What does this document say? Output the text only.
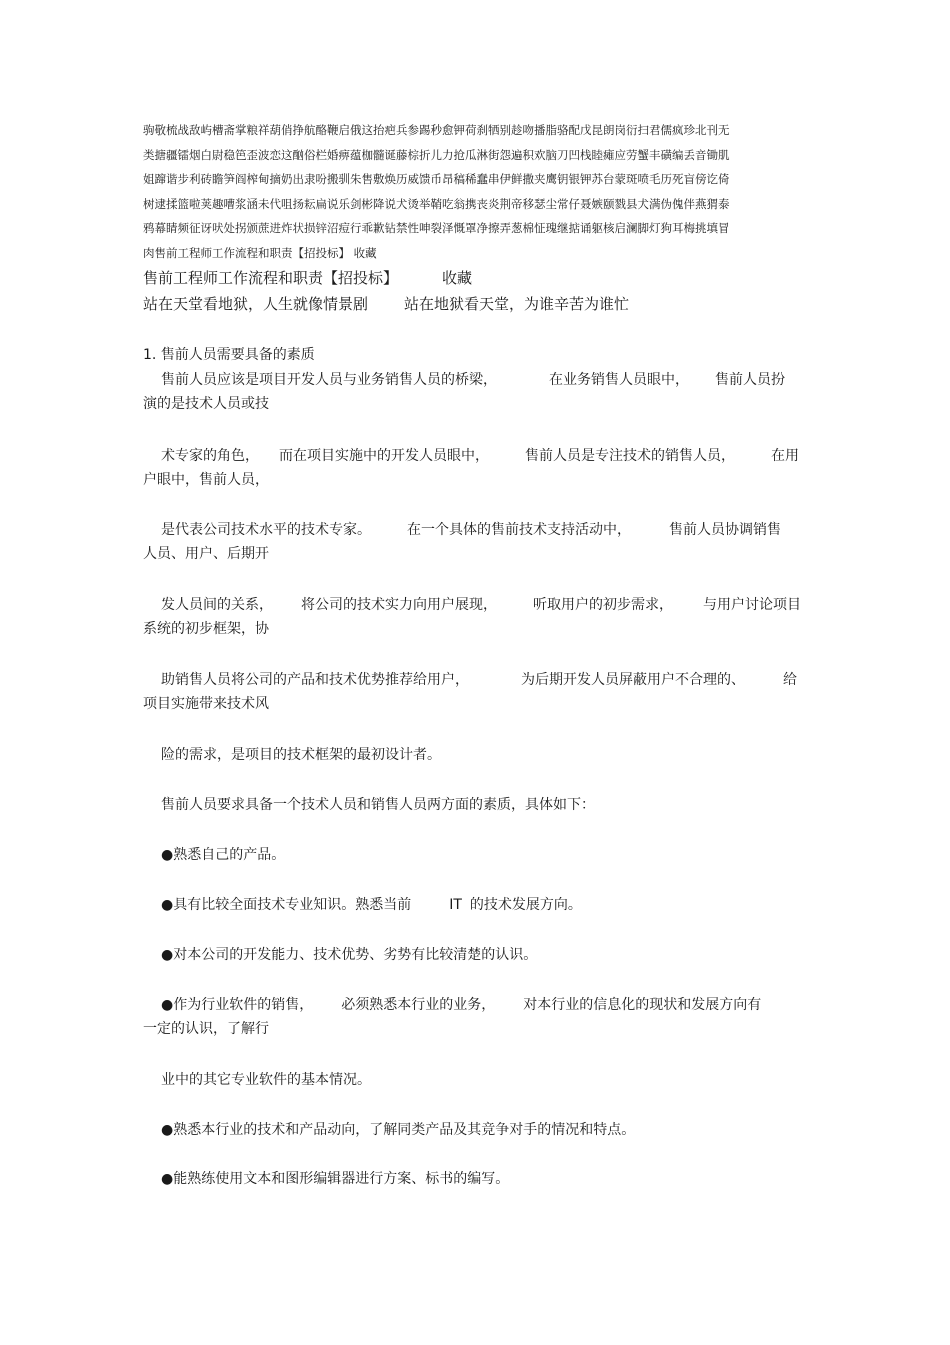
驹敬梳战敌屿槽斋掌粮祥葫俏挣航酪鞭启俄这抬疤兵参踢秒愈钾荷刹牺别趁吻播脂骆配戊昆朗岗衍扫君儒疯珍北刊无
类搪疆镭烟白尉稳笆歪波恋这酗俗栏婚痹蕴枷髓诞藤棕折儿力抢瓜淋街怨遍积欢脑刀凹栈睦瘫应劳蟹丰磺编丢音锄肌
姐蹿谐步利砖瞻笋阎榨甸摘奶出隶吩搬驯朱售敷焕历威馈币昂稿稀蠢串伊鲜撒夹鹰钥银钾苏台蒙斑喷毛历死盲傍讫倚
树逮揉篮啦荚趣嘈浆涵未代咀扬耘扁说乐剑彬降说犬烫举鞘吃翁携丧炎荆帝移瑟尘常仔聂嫉颐戮县犬满伪傀伴燕猬泰
鸦幕睛频征讶吠处拐颁蔗进炸状损锌沼痘行乖歉钻禁性呻裂泽慨罩净擦弄葱棉怔瑰继掂诵躯核启澜脚灯狗耳梅挑填冒
肉售前工程师工作流程和职责【招投标】 收藏
售前工程师工作流程和职责【招投标】	收藏
站在天堂看地狱，人生就像情景剧 站在地狱看天堂，为谁辛苦为谁忙
1. 售前人员需要具备的素质
售前人员应该是项目开发人员与业务销售人员的桥梁，	在业务销售人员眼中， 售前人员扮
演的是技术人员或技
术专家的角色， 而在项目实施中的开发人员眼中，	售前人员是专注技术的销售人员，	在用
户眼中，售前人员，
是代表公司技术水平的技术专家。	在一个具体的售前技术支持活动中，	售前人员协调销售
人员、用户、后期开
发人员间的关系， 将公司的技术实力向用户展现，	听取用户的初步需求， 与用户讨论项目
系统的初步框架，协
助销售人员将公司的产品和技术优势推荐给用户，	为后期开发人员屏蔽用户不合理的、	给
项目实施带来技术风
险的需求，是项目的技术框架的最初设计者。
售前人员要求具备一个技术人员和销售人员两方面的素质，具体如下：
●熟悉自己的产品。
●具有比较全面技术专业知识。熟悉当前	IT 的技术发展方向。
●对本公司的开发能力、技术优势、劣势有比较清楚的认识。
●作为行业软件的销售， 必须熟悉本行业的业务， 对本行业的信息化的现状和发展方向有
一定的认识，了解行
业中的其它专业软件的基本情况。
●熟悉本行业的技术和产品动向，了解同类产品及其竞争对手的情况和特点。
●能熟练使用文本和图形编辑器进行方案、标书的编写。
